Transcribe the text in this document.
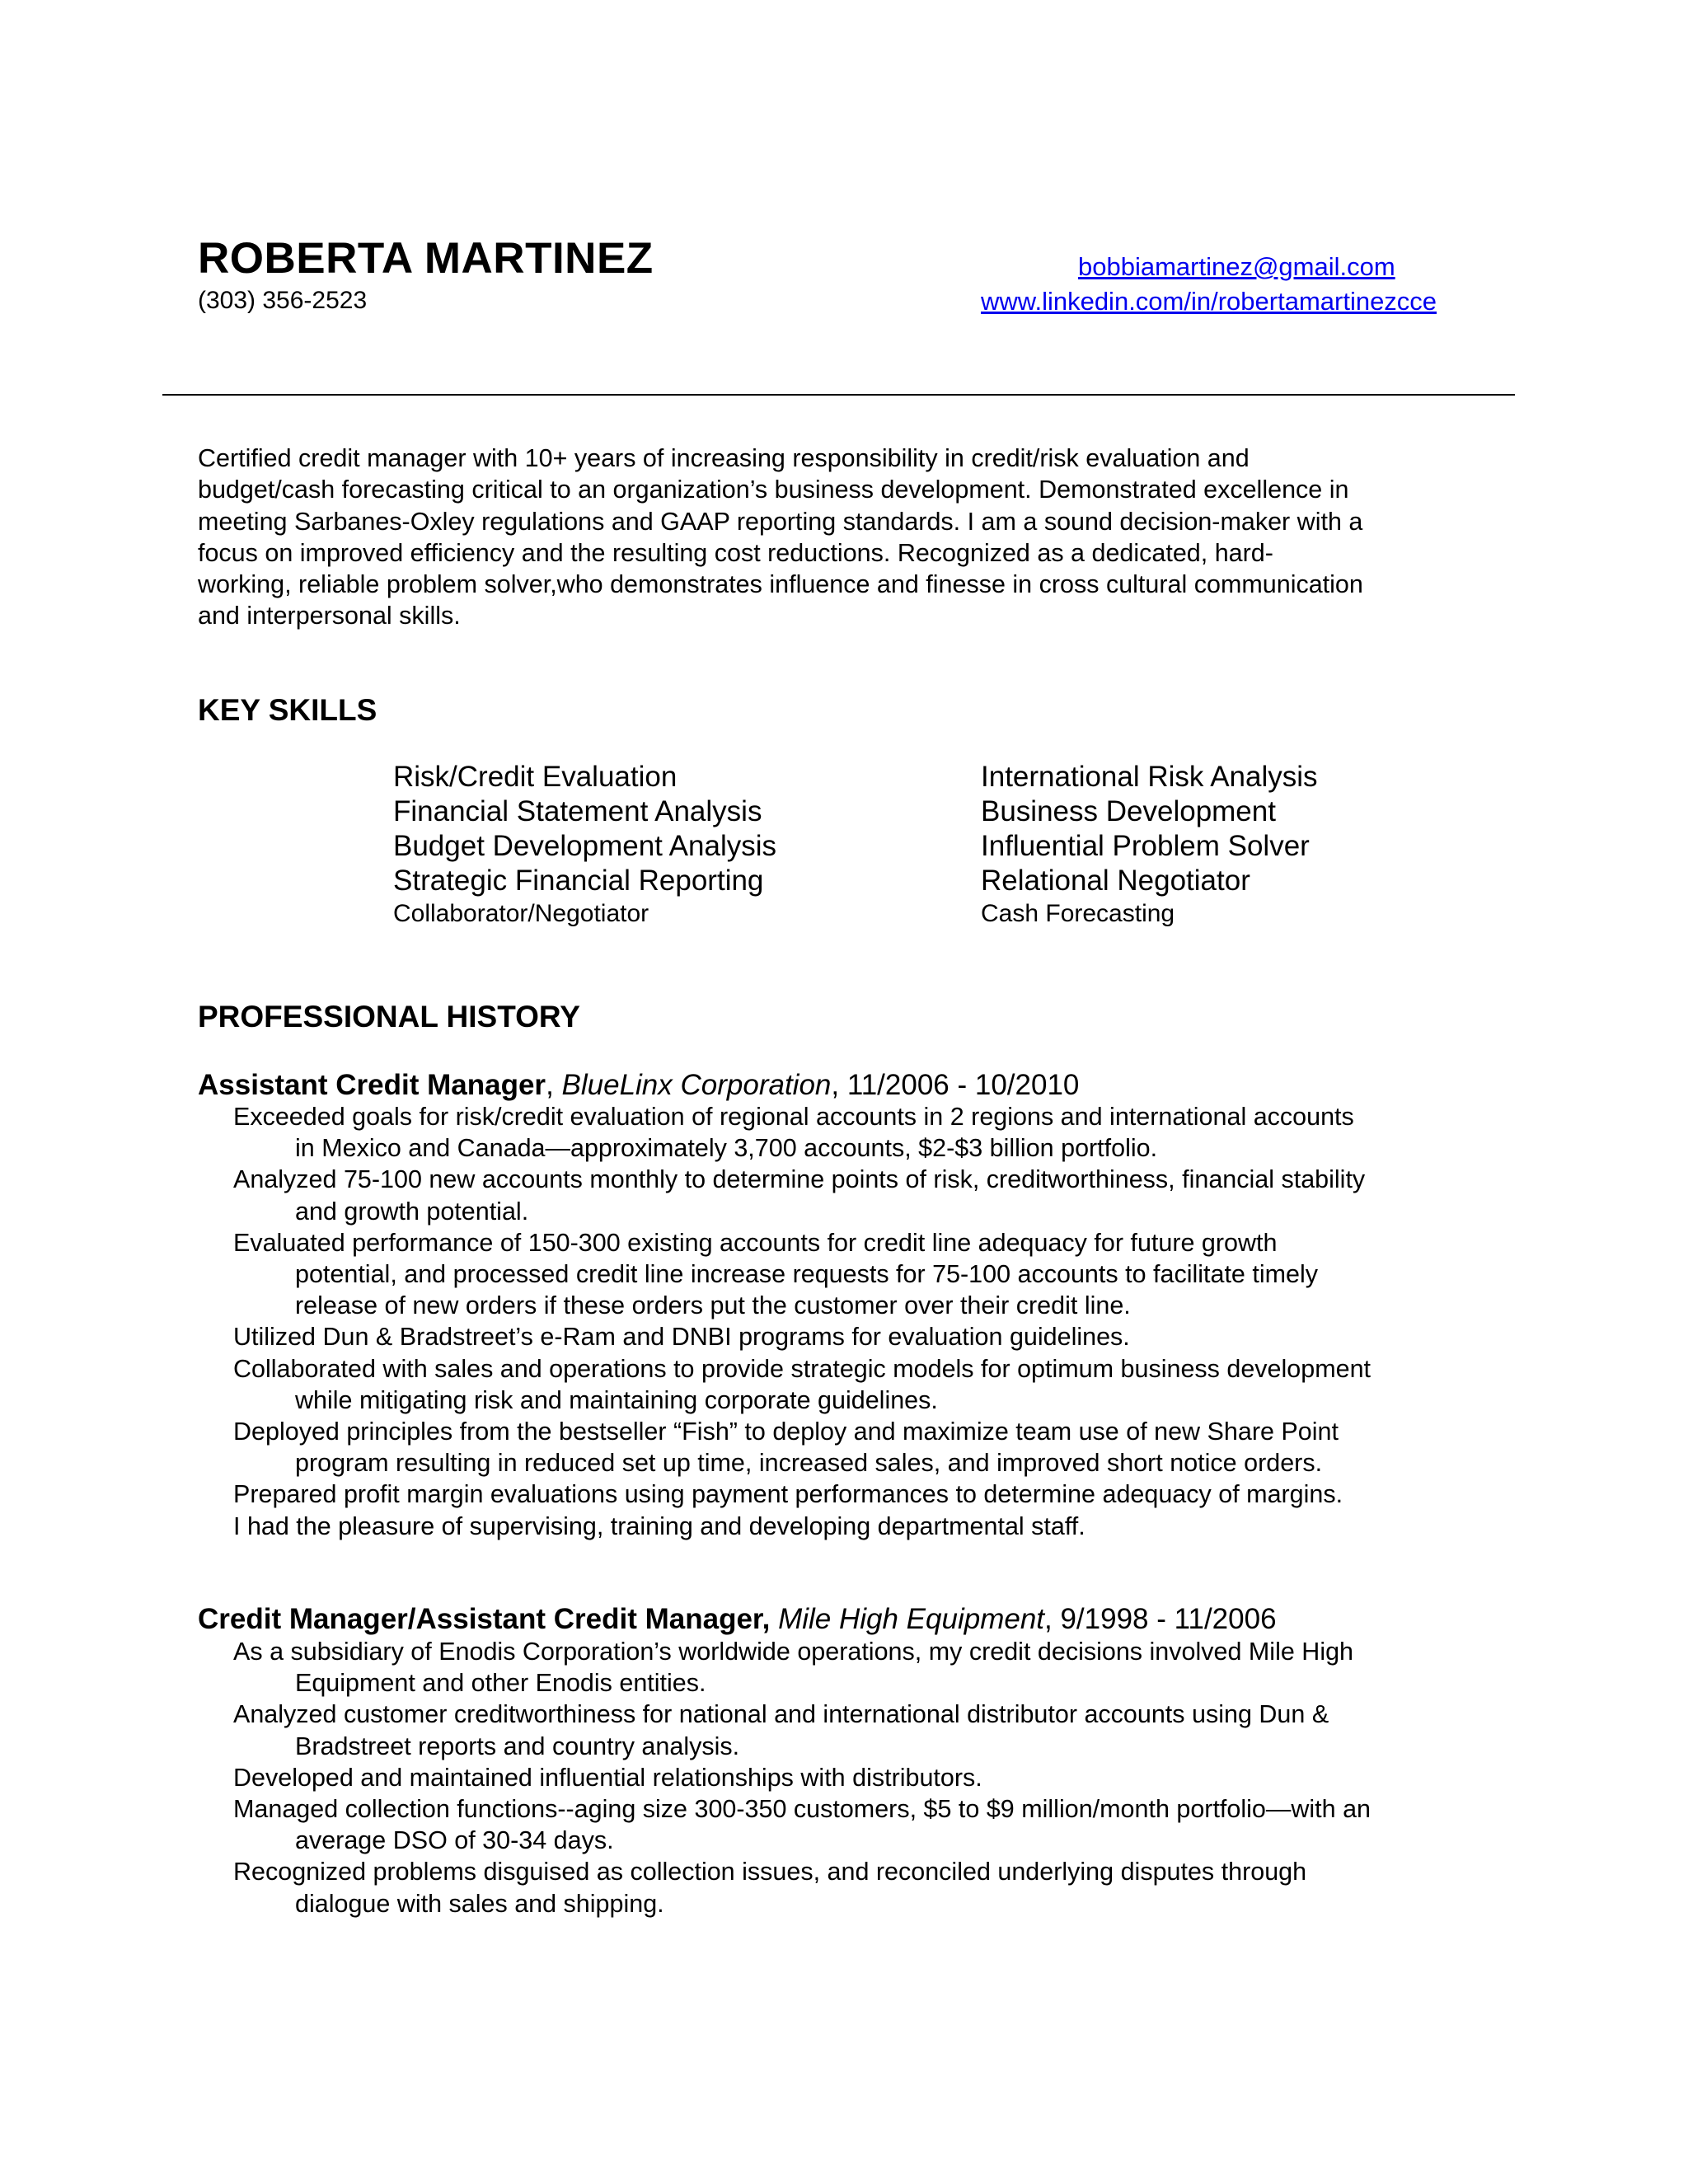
ROBERTA MARTINEZ
(303) 356-2523
bobbiamartinez@gmail.com
www.linkedin.com/in/robertamartinezcce

Certified credit manager with 10+ years of increasing responsibility in credit/risk evaluation and
budget/cash forecasting critical to an organization’s business development. Demonstrated excellence in
meeting Sarbanes-Oxley regulations and GAAP reporting standards. I am a sound decision-maker with a
focus on improved efficiency and the resulting cost reductions. Recognized as a dedicated, hard-
working, reliable problem solver,who demonstrates influence and finesse in cross cultural communication
and interpersonal skills.

KEY SKILLS
Risk/Credit Evaluation
Financial Statement Analysis
Budget Development Analysis
Strategic Financial Reporting
Collaborator/Negotiator
International Risk Analysis
Business Development
Influential Problem Solver
Relational Negotiator
Cash Forecasting
PROFESSIONAL HISTORY
Assistant Credit Manager, BlueLinx Corporation, 11/2006 - 10/2010
Exceeded goals for risk/credit evaluation of regional accounts in 2 regions and international accounts
in Mexico and Canada—approximately 3,700 accounts, $2-$3 billion portfolio.
Analyzed 75-100 new accounts monthly to determine points of risk, creditworthiness, financial stability
and growth potential.
Evaluated performance of 150-300 existing accounts for credit line adequacy for future growth
potential, and processed credit line increase requests for 75-100 accounts to facilitate timely
release of new orders if these orders put the customer over their credit line.
Utilized Dun & Bradstreet’s e-Ram and DNBI programs for evaluation guidelines.
Collaborated with sales and operations to provide strategic models for optimum business development
while mitigating risk and maintaining corporate guidelines.
Deployed principles from the bestseller “Fish” to deploy and maximize team use of new Share Point
program resulting in reduced set up time, increased sales, and improved short notice orders.
Prepared profit margin evaluations using payment performances to determine adequacy of margins.
I had the pleasure of supervising, training and developing departmental staff.
Credit Manager/Assistant Credit Manager, Mile High Equipment, 9/1998 - 11/2006
As a subsidiary of Enodis Corporation’s worldwide operations, my credit decisions involved Mile High
Equipment and other Enodis entities.
Analyzed customer creditworthiness for national and international distributor accounts using Dun &
Bradstreet reports and country analysis.
Developed and maintained influential relationships with distributors.
Managed collection functions--aging size 300-350 customers, $5 to $9 million/month portfolio—with an
average DSO of 30-34 days.
Recognized problems disguised as collection issues, and reconciled underlying disputes through
dialogue with sales and shipping.
